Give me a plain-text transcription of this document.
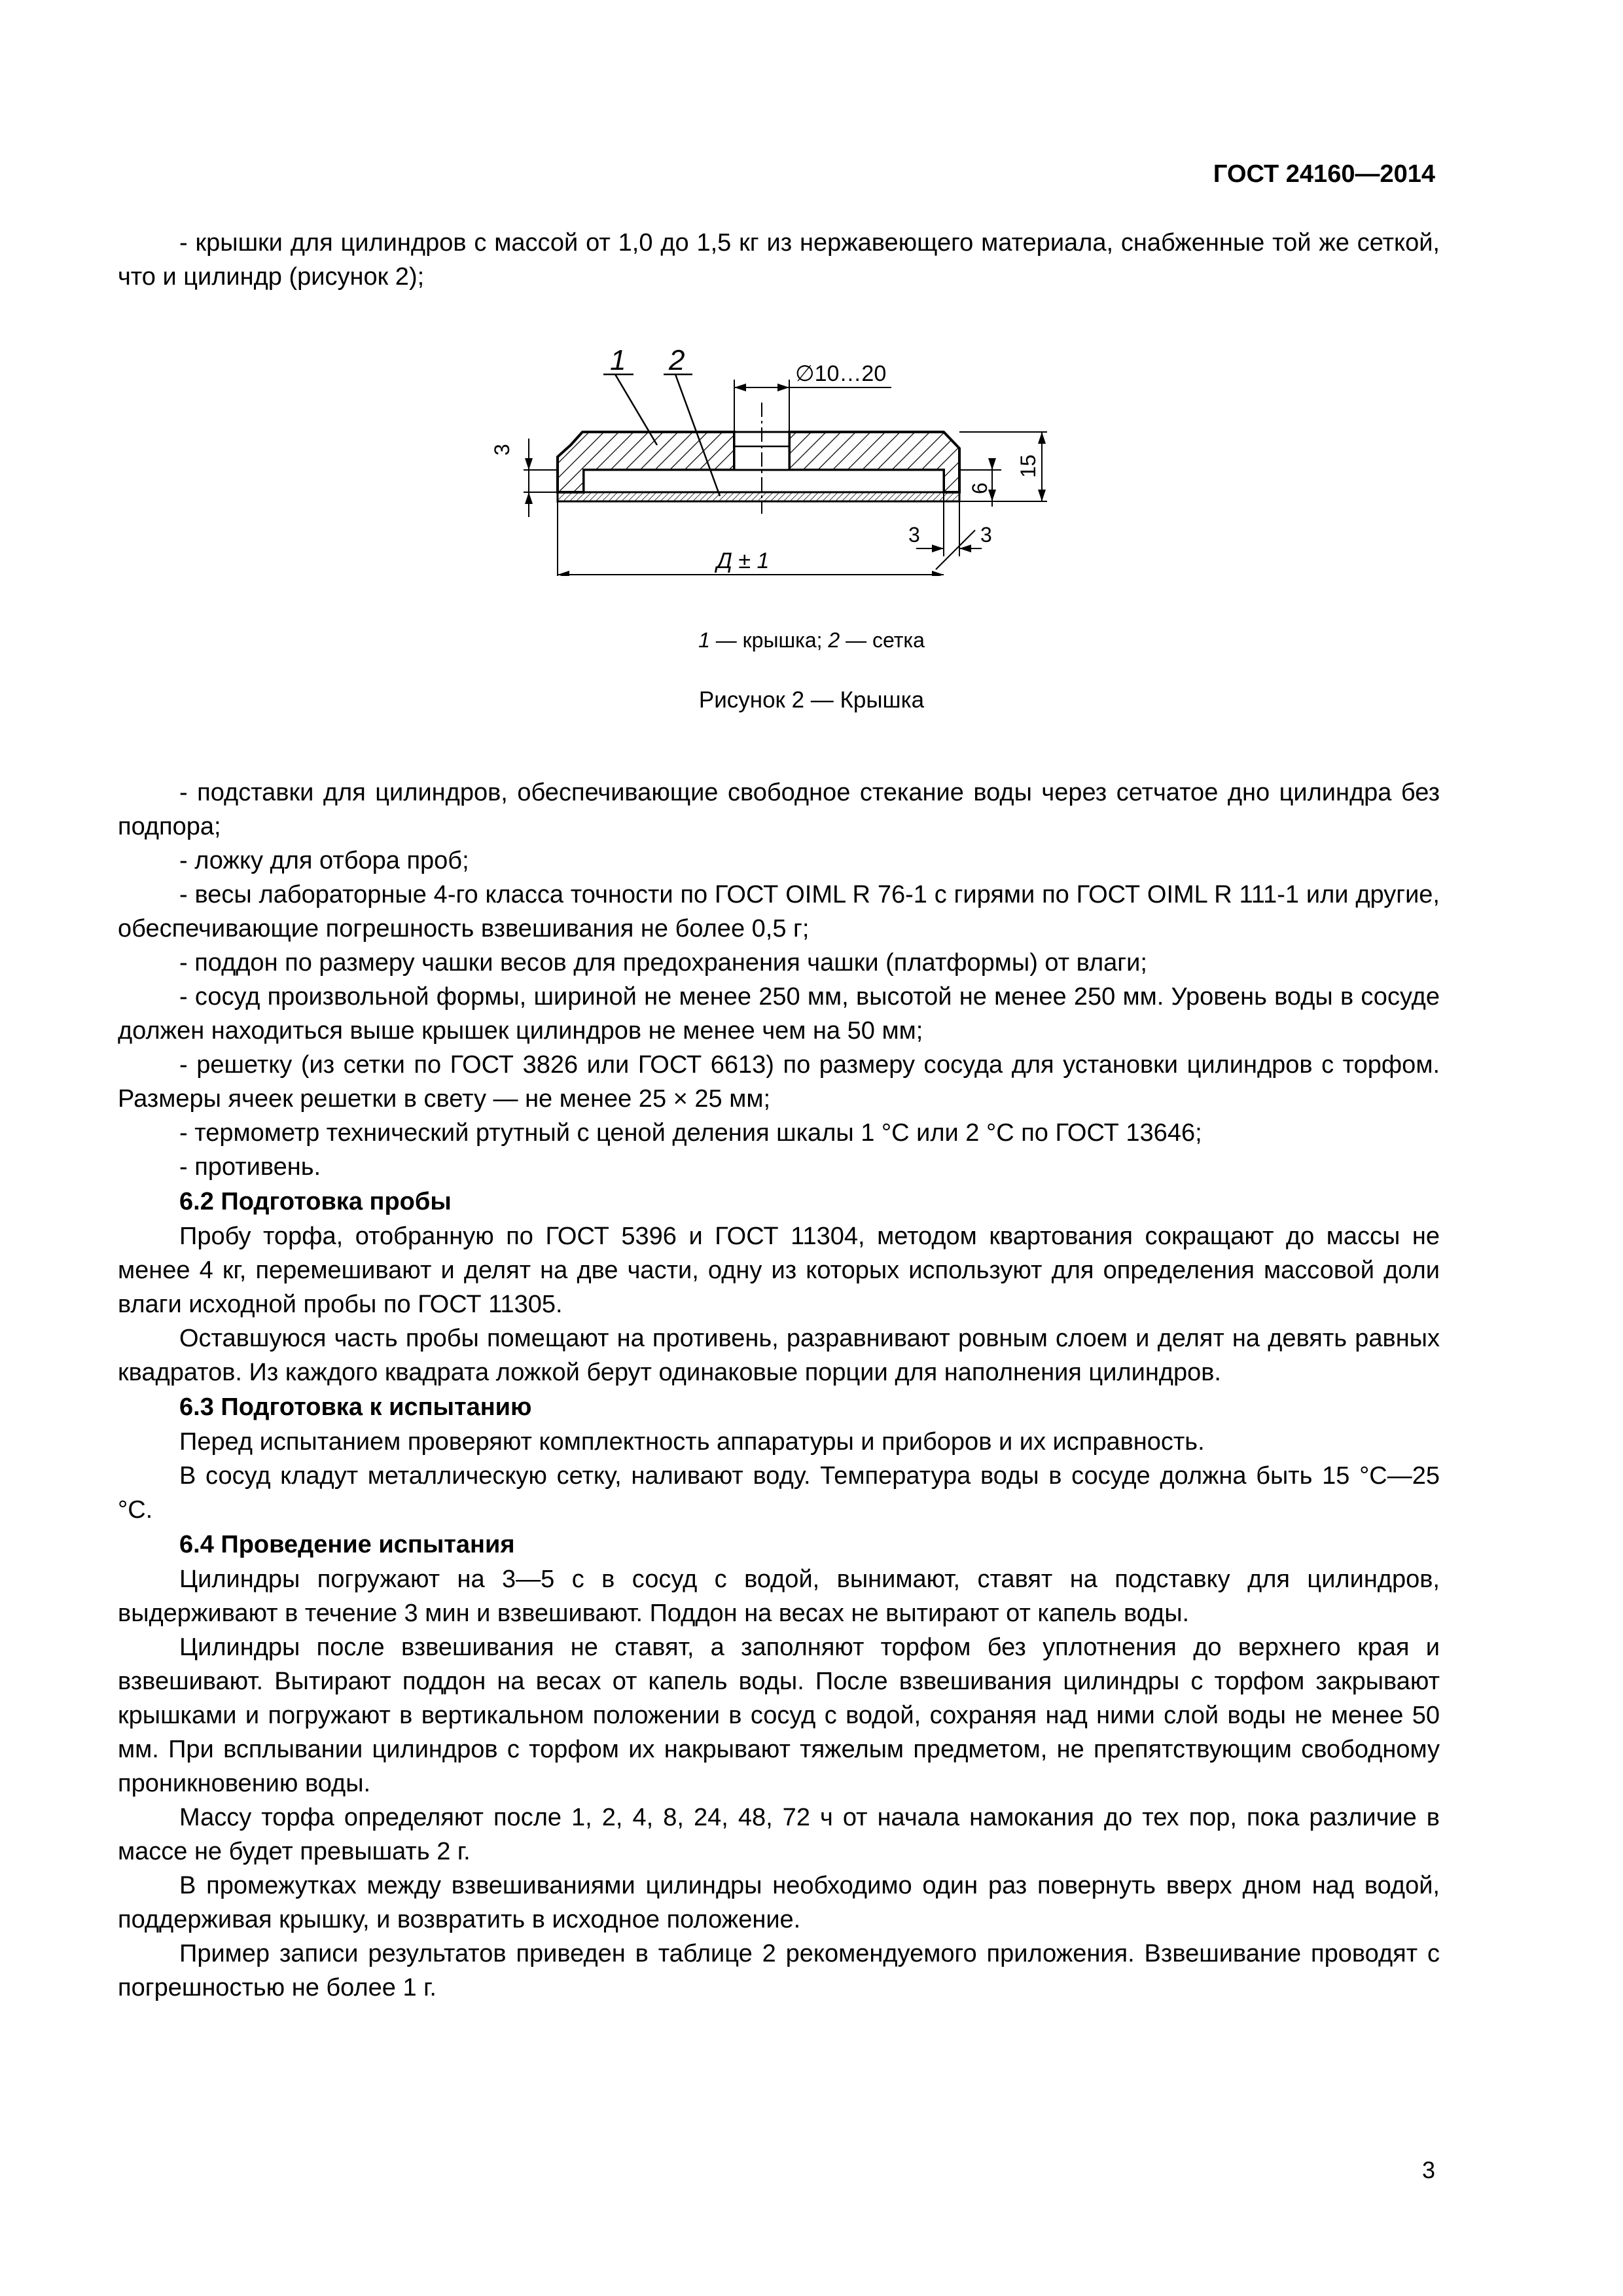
ГОСТ 24160—2014

- крышки для цилиндров с массой от 1,0 до 1,5 кг из нержавеющего материала, снабженные той же сеткой, что и цилиндр (рисунок 2);

1 2	∅10…20
3
6
15
3	3
Д ± 1
1 — крышка; 2 — сетка
Рисунок 2 — Крышка

- подставки для цилиндров, обеспечивающие свободное стекание воды через сетчатое дно цилиндра без подпора;

- ложку для отбора проб;

- весы лабораторные 4-го класса точности по ГОСТ OIML R 76-1 с гирями по ГОСТ OIML R 111-1 или другие, обеспечивающие погрешность взвешивания не более 0,5 г;

- поддон по размеру чашки весов для предохранения чашки (платформы) от влаги;

- сосуд произвольной формы, шириной не менее 250 мм, высотой не менее 250 мм. Уровень воды в сосуде должен находиться выше крышек цилиндров не менее чем на 50 мм;

- решетку (из сетки по ГОСТ 3826 или ГОСТ 6613) по размеру сосуда для установки цилиндров с торфом. Размеры ячеек решетки в свету — не менее 25 × 25 мм;

- термометр технический ртутный с ценой деления шкалы 1 °C или 2 °C по ГОСТ 13646;

- противень.

6.2 Подготовка пробы

Пробу торфа, отобранную по ГОСТ 5396 и ГОСТ 11304, методом квартования сокращают до массы не менее 4 кг, перемешивают и делят на две части, одну из которых используют для определения массовой доли влаги исходной пробы по ГОСТ 11305.

Оставшуюся часть пробы помещают на противень, разравнивают ровным слоем и делят на девять равных квадратов. Из каждого квадрата ложкой берут одинаковые порции для наполнения цилиндров.

6.3 Подготовка к испытанию

Перед испытанием проверяют комплектность аппаратуры и приборов и их исправность.

В сосуд кладут металлическую сетку, наливают воду. Температура воды в сосуде должна быть 15 °C—25 °C.

6.4 Проведение испытания

Цилиндры погружают на 3—5 с в сосуд с водой, вынимают, ставят на подставку для цилиндров, выдерживают в течение 3 мин и взвешивают. Поддон на весах не вытирают от капель воды.

Цилиндры после взвешивания не ставят, а заполняют торфом без уплотнения до верхнего края и взвешивают. Вытирают поддон на весах от капель воды. После взвешивания цилиндры с торфом закрывают крышками и погружают в вертикальном положении в сосуд с водой, сохраняя над ними слой воды не менее 50 мм. При всплывании цилиндров с торфом их накрывают тяжелым предметом, не препятствующим свободному проникновению воды.

Массу торфа определяют после 1, 2, 4, 8, 24, 48, 72 ч от начала намокания до тех пор, пока различие в массе не будет превышать 2 г.

В промежутках между взвешиваниями цилиндры необходимо один раз повернуть вверх дном над водой, поддерживая крышку, и возвратить в исходное положение.

Пример записи результатов приведен в таблице 2 рекомендуемого приложения. Взвешивание проводят с погрешностью не более 1 г.

3
